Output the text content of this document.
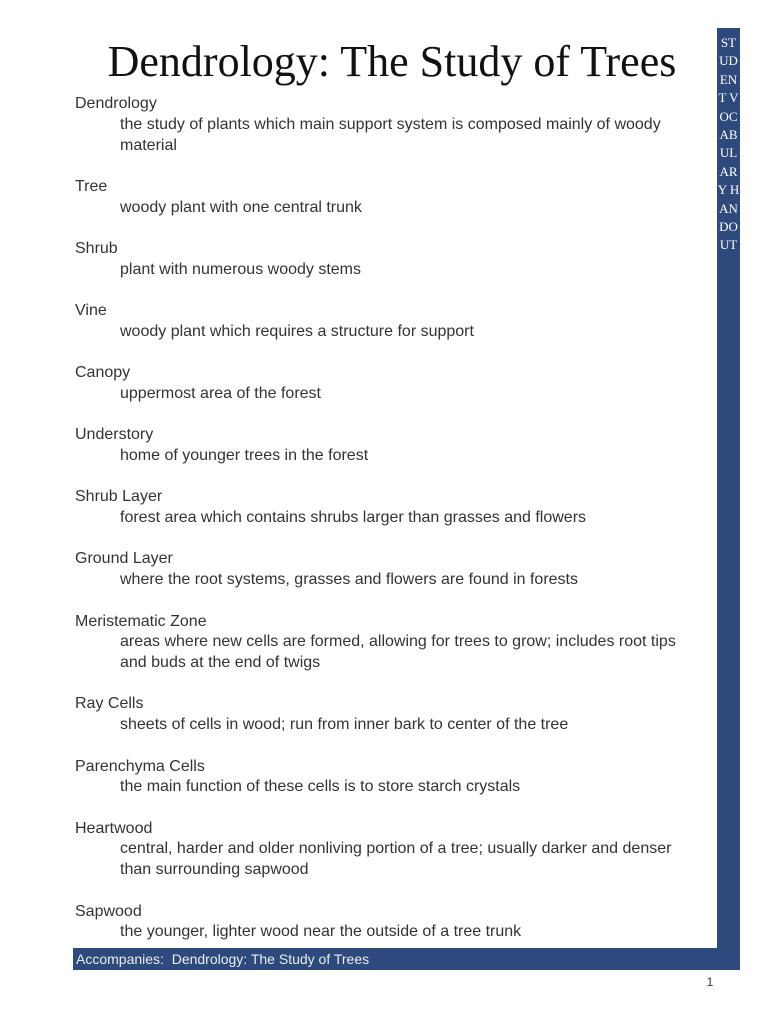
Dendrology: The Study of Trees	STUDENT VOCABULARY HANDOUT
Dendrology
the study of plants which main support system is composed mainly of woody material
Tree
woody plant with one central trunk
Shrub
plant with numerous woody stems
Vine
woody plant which requires a structure for support
Canopy
uppermost area of the forest
Understory
home of younger trees in the forest
Shrub Layer
forest area which contains shrubs larger than grasses and flowers
Ground Layer
where the root systems, grasses and flowers are found in forests
Meristematic Zone
areas where new cells are formed, allowing for trees to grow; includes root tips and buds at the end of twigs
Ray Cells
sheets of cells in wood; run from inner bark to center of the tree
Parenchyma Cells
the main function of these cells is to store starch crystals
Heartwood
central, harder and older nonliving portion of a tree; usually darker and denser than surrounding sapwood
Sapwood
the younger, lighter wood near the outside of a tree trunk
Accompanies:  Dendrology: The Study of Trees
1
